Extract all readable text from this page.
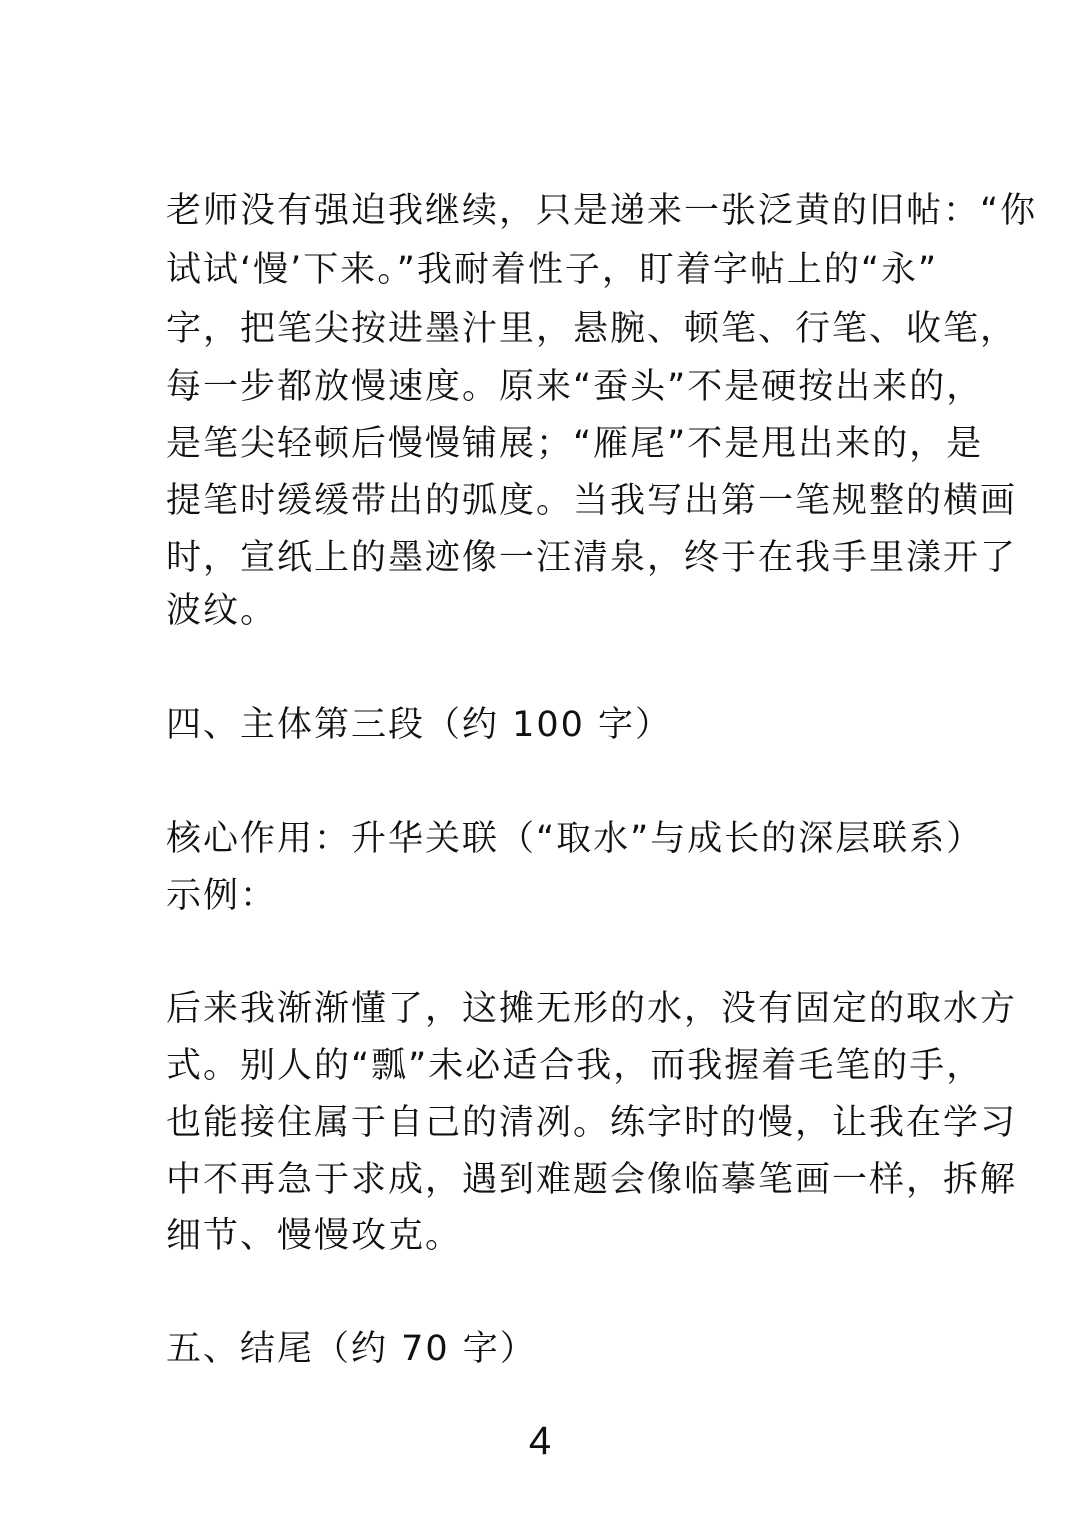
老师没有强迫我继续，只是递来一张泛黄的旧帖：“你
试试‘慢’下来。”我耐着性子，盯着字帖上的“永”
字，把笔尖按进墨汁里，悬腕、顿笔、行笔、收笔，
每一步都放慢速度。原来“蚕头”不是硬按出来的，
是笔尖轻顿后慢慢铺展；“雁尾”不是甩出来的，是
提笔时缓缓带出的弧度。当我写出第一笔规整的横画
时，宣纸上的墨迹像一汪清泉，终于在我手里漾开了
波纹。
四、主体第三段（约 100 字）
核心作用：升华关联（“取水”与成长的深层联系）
示例：
后来我渐渐懂了，这摊无形的水，没有固定的取水方
式。别人的“瓢”未必适合我，而我握着毛笔的手，
也能接住属于自己的清冽。练字时的慢，让我在学习
中不再急于求成，遇到难题会像临摹笔画一样，拆解
细节、慢慢攻克。
五、结尾（约 70 字）
4
